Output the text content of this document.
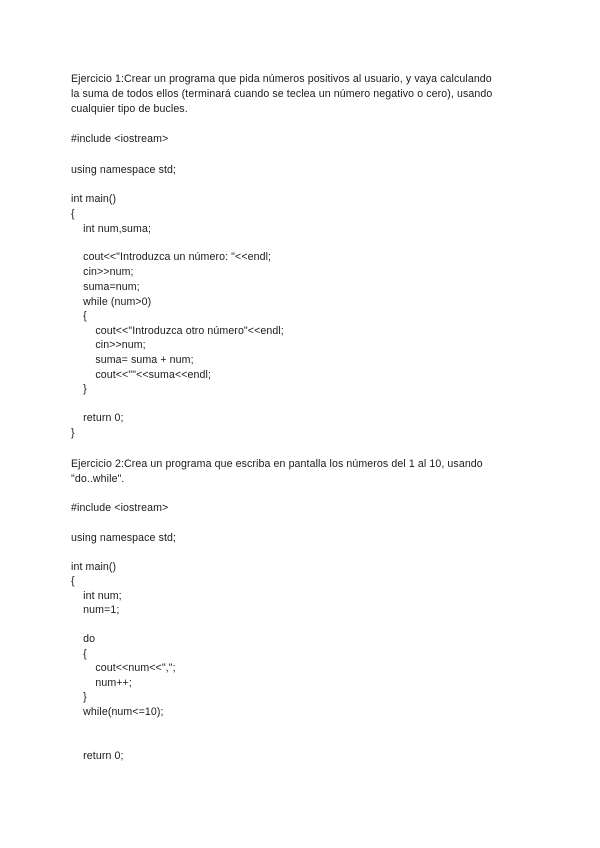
Ejercicio 1:Crear un programa que pida números positivos al usuario, y vaya calculando
la suma de todos ellos (terminará cuando se teclea un número negativo o cero), usando
cualquier tipo de bucles.
#include <iostream>
using namespace std;
int main()
{
int num,suma;
cout<<"Introduzca un número: "<<endl;
cin>>num;
suma=num;
while (num>0)
{
cout<<"Introduzca otro número"<<endl;
cin>>num;
suma= suma + num;
cout<<""<<suma<<endl;
}
return 0;
}
Ejercicio 2:Crea un programa que escriba en pantalla los números del 1 al 10, usando
"do..while".
#include <iostream>
using namespace std;
int main()
{
int num;
num=1;
do
{
cout<<num<<",";
num++;
}
while(num<=10);
return 0;
